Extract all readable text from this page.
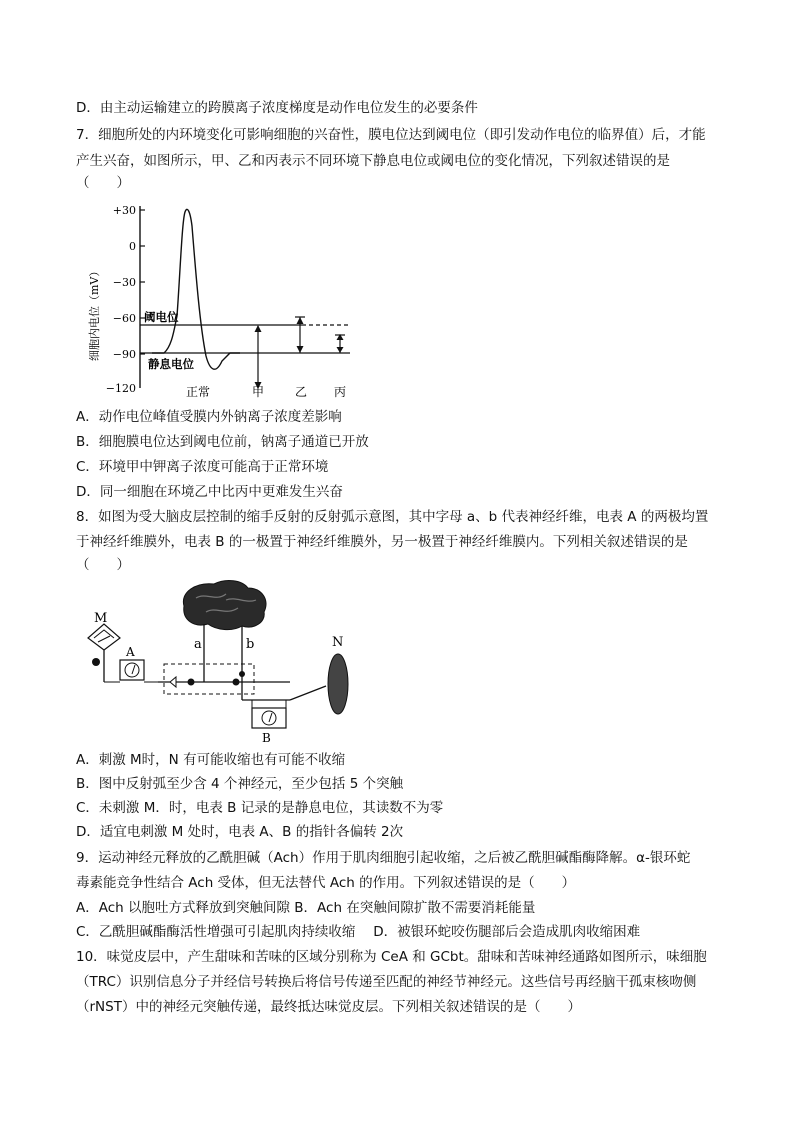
D．由主动运输建立的跨膜离子浓度梯度是动作电位发生的必要条件
7．细胞所处的内环境变化可影响细胞的兴奋性，膜电位达到阈电位（即引发动作电位的临界值）后，才能
产生兴奋，如图所示，甲、乙和丙表示不同环境下静息电位或阈电位的变化情况，下列叙述错误的是
（　　）
细胞内电位（mV）
+30
0
−30
−60
−90
−120
阈电位
静息电位
正常	甲	乙 丙
A．动作电位峰值受膜内外钠离子浓度差影响
B．细胞膜电位达到阈电位前，钠离子通道已开放
C．环境甲中钾离子浓度可能高于正常环境
D．同一细胞在环境乙中比丙中更难发生兴奋
8．如图为受大脑皮层控制的缩手反射的反射弧示意图，其中字母 a、b 代表神经纤维，电表 A 的两极均置
于神经纤维膜外，电表 B 的一极置于神经纤维膜外，另一极置于神经纤维膜内。下列相关叙述错误的是
（　　）
a	b
M
A
B
N
A．刺激 M时，N 有可能收缩也有可能不收缩
B．图中反射弧至少含 4 个神经元，至少包括 5 个突触
C．未刺激 M．时，电表 B 记录的是静息电位，其读数不为零
D．适宜电刺激 M 处时，电表 A、B 的指针各偏转 2次
9．运动神经元释放的乙酰胆碱（Ach）作用于肌肉细胞引起收缩，之后被乙酰胆碱酯酶降解。α-银环蛇
毒素能竞争性结合 Ach 受体，但无法替代 Ach 的作用。下列叙述错误的是（　　）
A．Ach 以胞吐方式释放到突触间隙 B．Ach 在突触间隙扩散不需要消耗能量
C．乙酰胆碱酯酶活性增强可引起肌肉持续收缩　 D．被银环蛇咬伤腿部后会造成肌肉收缩困难
10．味觉皮层中，产生甜味和苦味的区域分别称为 CeA 和 GCbt。甜味和苦味神经通路如图所示，味细胞
（TRC）识别信息分子并经信号转换后将信号传递至匹配的神经节神经元。这些信号再经脑干孤束核吻侧
（rNST）中的神经元突触传递，最终抵达味觉皮层。下列相关叙述错误的是（　　）
